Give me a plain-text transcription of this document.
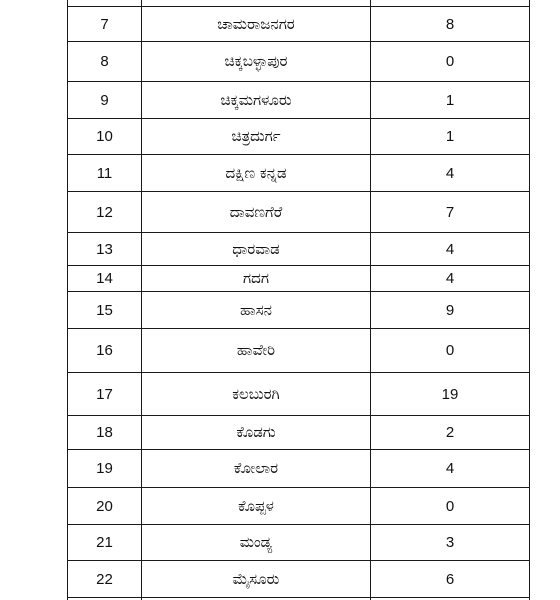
7	ಚಾಮರಾಜನಗರ	8
8	ಚಿಕ್ಕಬಳ್ಳಾಪುರ	0
9	ಚಿಕ್ಕಮಗಳೂರು	1
10	ಚಿತ್ರದುರ್ಗ	1
11	ದಕ್ಷಿಣ ಕನ್ನಡ	4
12	ದಾವಣಗೆರೆ	7
13	ಧಾರವಾಡ	4
14	ಗದಗ	4
15	ಹಾಸನ	9
16	ಹಾವೇರಿ	0
17	ಕಲಬುರಗಿ	19
18	ಕೊಡಗು	2
19	ಕೋಲಾರ	4
20	ಕೊಪ್ಪಳ	0
21	ಮಂಡ್ಯ	3
22	ಮೈಸೂರು	6
